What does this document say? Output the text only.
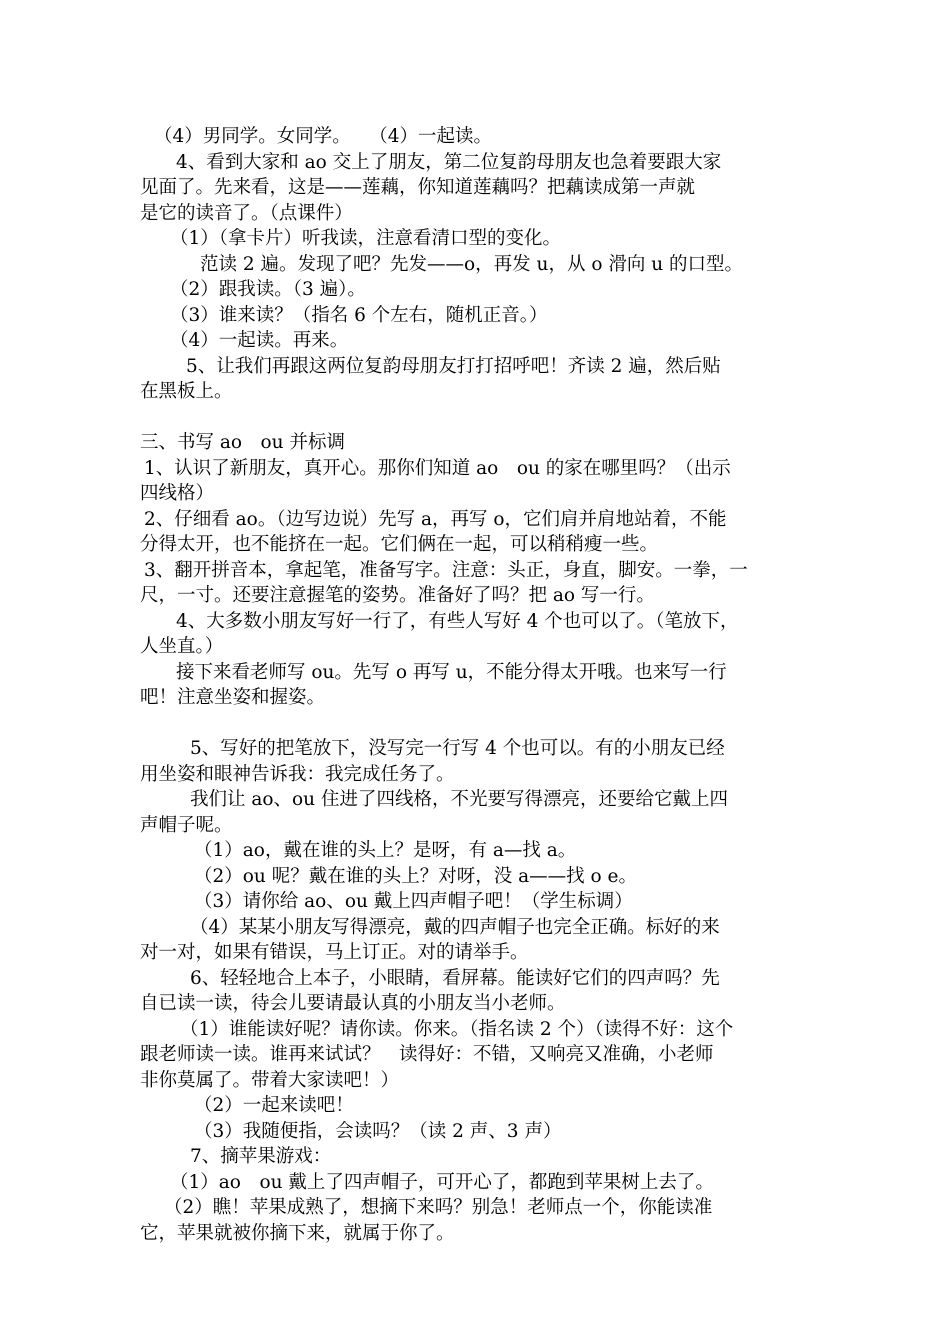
（4）男同学。女同学。　　（4）一起读。
4、看到大家和 ao 交上了朋友，第二位复韵母朋友也急着要跟大家
见面了。先来看，这是——莲藕，你知道莲藕吗？把藕读成第一声就
是它的读音了。（点课件）
（1）（拿卡片）听我读，注意看清口型的变化。
范读 2 遍。发现了吧？先发——o，再发 u，从 o 滑向 u 的口型。
（2）跟我读。（3 遍）。
（3）谁来读？（指名 6 个左右，随机正音。）
（4）一起读。再来。
5、让我们再跟这两位复韵母朋友打打招呼吧！齐读 2 遍，然后贴
在黑板上。
三、书写 ao　ou 并标调
1、认识了新朋友，真开心。那你们知道 ao　ou 的家在哪里吗？（出示
四线格）
2、仔细看 ao。（边写边说）先写 a，再写 o，它们肩并肩地站着，不能
分得太开，也不能挤在一起。它们俩在一起，可以稍稍瘦一些。
3、翻开拼音本，拿起笔，准备写字。注意：头正，身直，脚安。一拳，一
尺，一寸。还要注意握笔的姿势。准备好了吗？把 ao 写一行。
4、大多数小朋友写好一行了，有些人写好 4 个也可以了。（笔放下，
人坐直。）
接下来看老师写 ou。先写 o 再写 u，不能分得太开哦。也来写一行
吧！注意坐姿和握姿。
5、写好的把笔放下，没写完一行写 4 个也可以。有的小朋友已经
用坐姿和眼神告诉我：我完成任务了。
我们让 ao、ou 住进了四线格，不光要写得漂亮，还要给它戴上四
声帽子呢。
（1）ao，戴在谁的头上？是呀，有 a—找 a。
（2）ou 呢？戴在谁的头上？对呀，没 a——找 o e。
（3）请你给 ao、ou 戴上四声帽子吧！（学生标调）
（4）某某小朋友写得漂亮，戴的四声帽子也完全正确。标好的来
对一对，如果有错误，马上订正。对的请举手。
6、轻轻地合上本子，小眼睛，看屏幕。能读好它们的四声吗？先
自已读一读，待会儿要请最认真的小朋友当小老师。
（1）谁能读好呢？请你读。你来。（指名读 2 个）（读得不好：这个
跟老师读一读。谁再来试试？　读得好：不错，又响亮又准确，小老师
非你莫属了。带着大家读吧！）
（2）一起来读吧！
（3）我随便指，会读吗？（读 2 声、3 声）
7、摘苹果游戏：
（1）ao　ou 戴上了四声帽子，可开心了，都跑到苹果树上去了。
（2）瞧！苹果成熟了，想摘下来吗？别急！老师点一个，你能读准
它，苹果就被你摘下来，就属于你了。
